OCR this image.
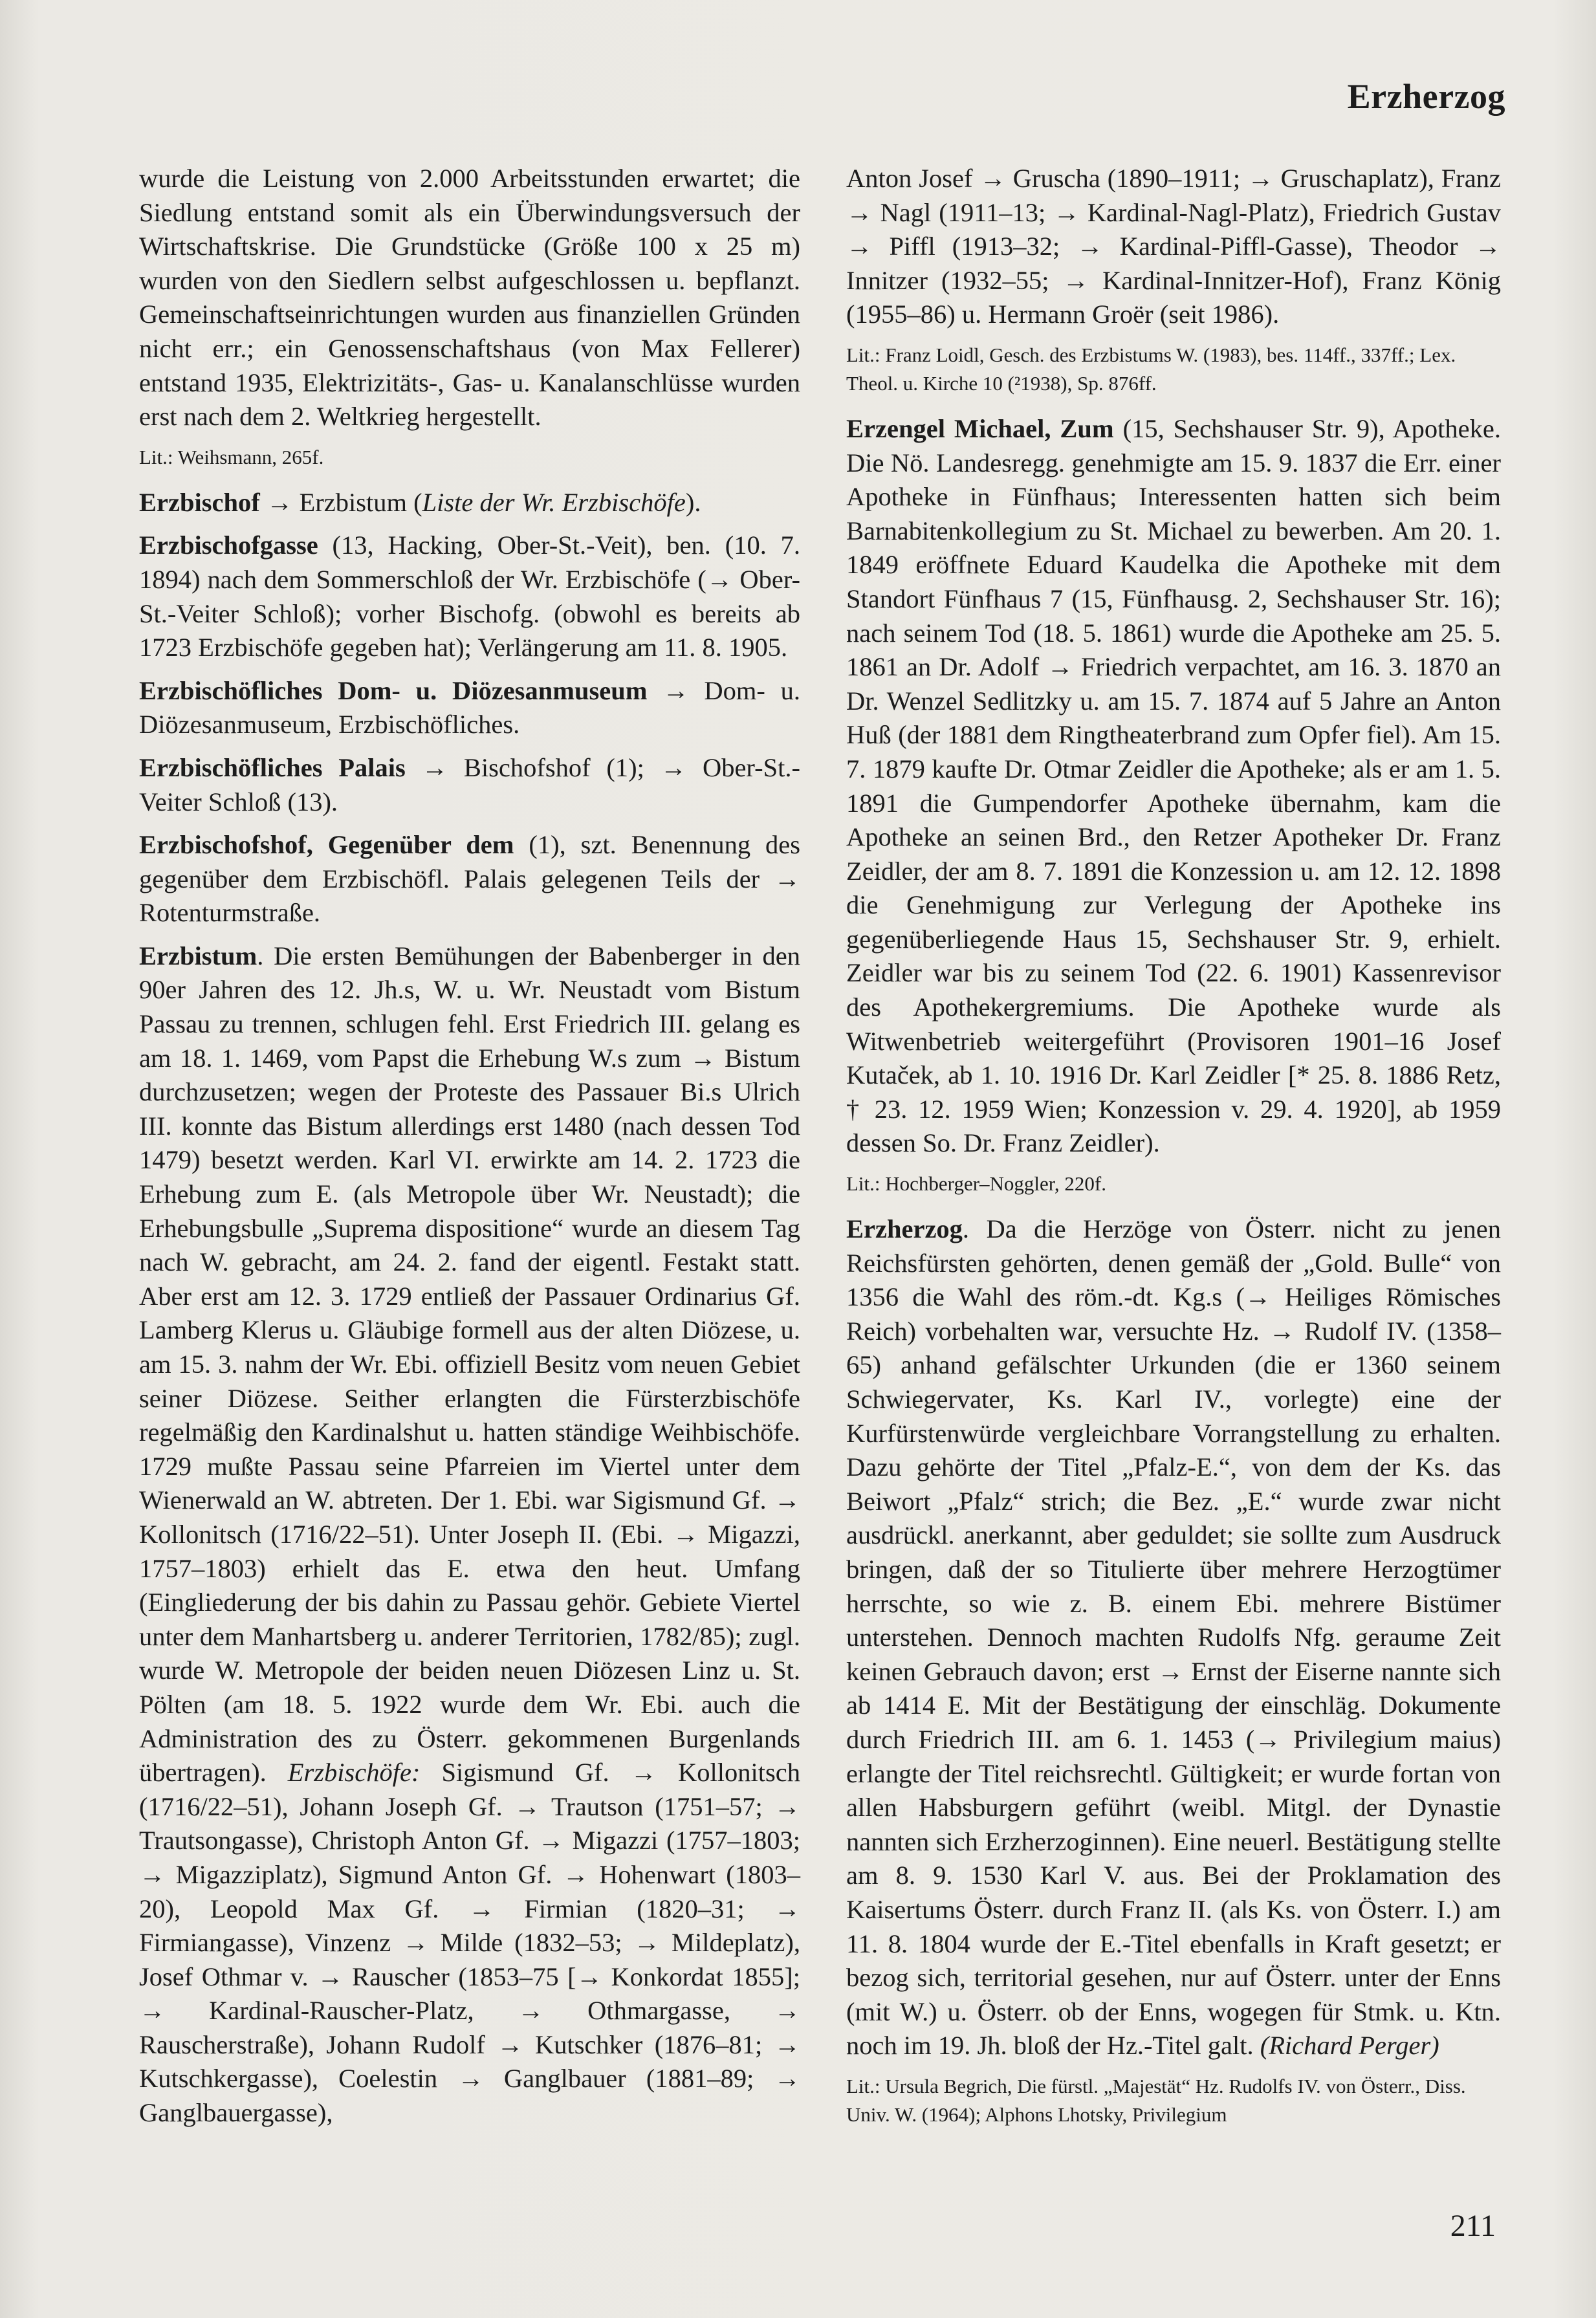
Erzherzog

wurde die Leistung von 2.000 Arbeitsstunden erwartet; die Siedlung entstand somit als ein Überwindungsversuch der Wirtschaftskrise. Die Grundstücke (Größe 100 x 25 m) wurden von den Siedlern selbst aufgeschlossen u. bepflanzt. Gemeinschaftseinrichtungen wurden aus finanziellen Gründen nicht err.; ein Genossenschaftshaus (von Max Fellerer) entstand 1935, Elektrizitäts-, Gas- u. Kanalanschlüsse wurden erst nach dem 2. Weltkrieg hergestellt.

Lit.: Weihsmann, 265f.

Erzbischof → Erzbistum (Liste der Wr. Erzbischöfe).

Erzbischofgasse (13, Hacking, Ober-St.-Veit), ben. (10. 7. 1894) nach dem Sommerschloß der Wr. Erzbischöfe (→ Ober-St.-Veiter Schloß); vorher Bischofg. (obwohl es bereits ab 1723 Erzbischöfe gegeben hat); Verlängerung am 11. 8. 1905.

Erzbischöfliches Dom- u. Diözesanmuseum → Dom- u. Diözesanmuseum, Erzbischöfliches.

Erzbischöfliches Palais → Bischofshof (1); → Ober-St.-Veiter Schloß (13).

Erzbischofshof, Gegenüber dem (1), szt. Benennung des gegenüber dem Erzbischöfl. Palais gelegenen Teils der → Rotenturmstraße.

Erzbistum. Die ersten Bemühungen der Babenberger in den 90er Jahren des 12. Jh.s, W. u. Wr. Neustadt vom Bistum Passau zu trennen, schlugen fehl. Erst Friedrich III. gelang es am 18. 1. 1469, vom Papst die Erhebung W.s zum → Bistum durchzusetzen; wegen der Proteste des Passauer Bi.s Ulrich III. konnte das Bistum allerdings erst 1480 (nach dessen Tod 1479) besetzt werden. Karl VI. erwirkte am 14. 2. 1723 die Erhebung zum E. (als Metropole über Wr. Neustadt); die Erhebungsbulle „Suprema dispositione“ wurde an diesem Tag nach W. gebracht, am 24. 2. fand der eigentl. Festakt statt. Aber erst am 12. 3. 1729 entließ der Passauer Ordinarius Gf. Lamberg Klerus u. Gläubige formell aus der alten Diözese, u. am 15. 3. nahm der Wr. Ebi. offiziell Besitz vom neuen Gebiet seiner Diözese. Seither erlangten die Fürsterzbischöfe regelmäßig den Kardinalshut u. hatten ständige Weihbischöfe. 1729 mußte Passau seine Pfarreien im Viertel unter dem Wienerwald an W. abtreten. Der 1. Ebi. war Sigismund Gf. → Kollonitsch (1716/22–51). Unter Joseph II. (Ebi. → Migazzi, 1757–1803) erhielt das E. etwa den heut. Umfang (Eingliederung der bis dahin zu Passau gehör. Gebiete Viertel unter dem Manhartsberg u. anderer Territorien, 1782/85); zugl. wurde W. Metropole der beiden neuen Diözesen Linz u. St. Pölten (am 18. 5. 1922 wurde dem Wr. Ebi. auch die Administration des zu Österr. gekommenen Burgenlands übertragen). Erzbischöfe: Sigismund Gf. → Kollonitsch (1716/22–51), Johann Joseph Gf. → Trautson (1751–57; → Trautsongasse), Christoph Anton Gf. → Migazzi (1757–1803; → Migazziplatz), Sigmund Anton Gf. → Hohenwart (1803–20), Leopold Max Gf. → Firmian (1820–31; → Firmiangasse), Vinzenz → Milde (1832–53; → Mildeplatz), Josef Othmar v. → Rauscher (1853–75 [→ Konkordat 1855]; → Kardinal-Rauscher-Platz, → Othmargasse, → Rauscherstraße), Johann Rudolf → Kutschker (1876–81; → Kutschkergasse), Coelestin → Ganglbauer (1881–89; → Ganglbauergasse),

Anton Josef → Gruscha (1890–1911; → Gruschaplatz), Franz → Nagl (1911–13; → Kardinal-Nagl-Platz), Friedrich Gustav → Piffl (1913–32; → Kardinal-Piffl-Gasse), Theodor → Innitzer (1932–55; → Kardinal-Innitzer-Hof), Franz König (1955–86) u. Hermann Groër (seit 1986).

Lit.: Franz Loidl, Gesch. des Erzbistums W. (1983), bes. 114ff., 337ff.; Lex. Theol. u. Kirche 10 (²1938), Sp. 876ff.

Erzengel Michael, Zum (15, Sechshauser Str. 9), Apotheke. Die Nö. Landesregg. genehmigte am 15. 9. 1837 die Err. einer Apotheke in Fünfhaus; Interessenten hatten sich beim Barnabitenkollegium zu St. Michael zu bewerben. Am 20. 1. 1849 eröffnete Eduard Kaudelka die Apotheke mit dem Standort Fünfhaus 7 (15, Fünfhausg. 2, Sechshauser Str. 16); nach seinem Tod (18. 5. 1861) wurde die Apotheke am 25. 5. 1861 an Dr. Adolf → Friedrich verpachtet, am 16. 3. 1870 an Dr. Wenzel Sedlitzky u. am 15. 7. 1874 auf 5 Jahre an Anton Huß (der 1881 dem Ringtheaterbrand zum Opfer fiel). Am 15. 7. 1879 kaufte Dr. Otmar Zeidler die Apotheke; als er am 1. 5. 1891 die Gumpendorfer Apotheke übernahm, kam die Apotheke an seinen Brd., den Retzer Apotheker Dr. Franz Zeidler, der am 8. 7. 1891 die Konzession u. am 12. 12. 1898 die Genehmigung zur Verlegung der Apotheke ins gegenüberliegende Haus 15, Sechshauser Str. 9, erhielt. Zeidler war bis zu seinem Tod (22. 6. 1901) Kassenrevisor des Apothekergremiums. Die Apotheke wurde als Witwenbetrieb weitergeführt (Provisoren 1901–16 Josef Kutaček, ab 1. 10. 1916 Dr. Karl Zeidler [* 25. 8. 1886 Retz, † 23. 12. 1959 Wien; Konzession v. 29. 4. 1920], ab 1959 dessen So. Dr. Franz Zeidler).

Lit.: Hochberger–Noggler, 220f.

Erzherzog. Da die Herzöge von Österr. nicht zu jenen Reichsfürsten gehörten, denen gemäß der „Gold. Bulle“ von 1356 die Wahl des röm.-dt. Kg.s (→ Heiliges Römisches Reich) vorbehalten war, versuchte Hz. → Rudolf IV. (1358–65) anhand gefälschter Urkunden (die er 1360 seinem Schwiegervater, Ks. Karl IV., vorlegte) eine der Kurfürstenwürde vergleichbare Vorrangstellung zu erhalten. Dazu gehörte der Titel „Pfalz-E.“, von dem der Ks. das Beiwort „Pfalz“ strich; die Bez. „E.“ wurde zwar nicht ausdrückl. anerkannt, aber geduldet; sie sollte zum Ausdruck bringen, daß der so Titulierte über mehrere Herzogtümer herrschte, so wie z. B. einem Ebi. mehrere Bistümer unterstehen. Dennoch machten Rudolfs Nfg. geraume Zeit keinen Gebrauch davon; erst → Ernst der Eiserne nannte sich ab 1414 E. Mit der Bestätigung der einschläg. Dokumente durch Friedrich III. am 6. 1. 1453 (→ Privilegium maius) erlangte der Titel reichsrechtl. Gültigkeit; er wurde fortan von allen Habsburgern geführt (weibl. Mitgl. der Dynastie nannten sich Erzherzoginnen). Eine neuerl. Bestätigung stellte am 8. 9. 1530 Karl V. aus. Bei der Proklamation des Kaisertums Österr. durch Franz II. (als Ks. von Österr. I.) am 11. 8. 1804 wurde der E.-Titel ebenfalls in Kraft gesetzt; er bezog sich, territorial gesehen, nur auf Österr. unter der Enns (mit W.) u. Österr. ob der Enns, wogegen für Stmk. u. Ktn. noch im 19. Jh. bloß der Hz.-Titel galt. (Richard Perger)

Lit.: Ursula Begrich, Die fürstl. „Majestät“ Hz. Rudolfs IV. von Österr., Diss. Univ. W. (1964); Alphons Lhotsky, Privilegium

211
